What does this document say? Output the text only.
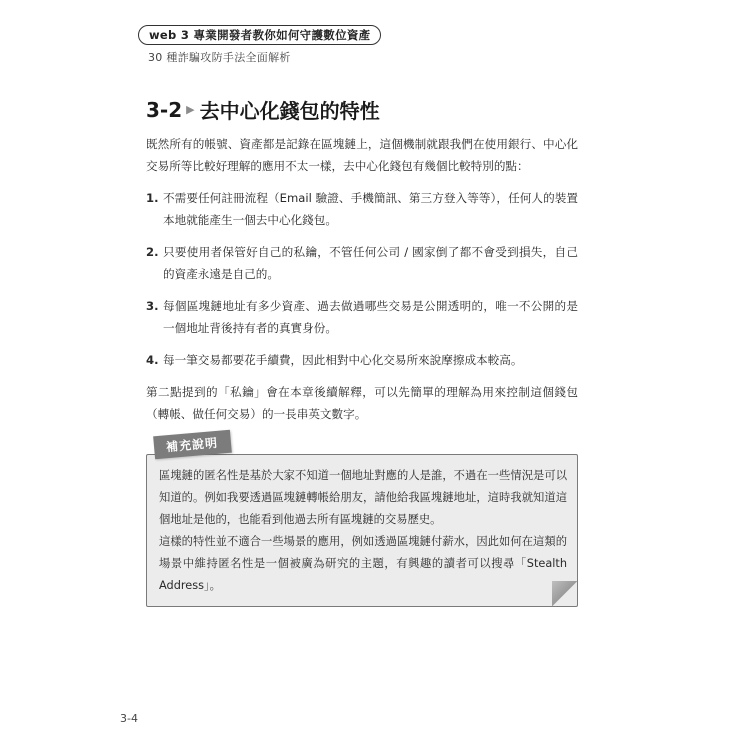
web 3 專業開發者教你如何守護數位資產
30 種詐騙攻防手法全面解析
3-2 ▶ 去中心化錢包的特性

既然所有的帳號、資產都是記錄在區塊鏈上，這個機制就跟我們在使用銀行、中心化交易所等比較好理解的應用不太一樣，去中心化錢包有幾個比較特別的點：

1. 不需要任何註冊流程（Email 驗證、手機簡訊、第三方登入等等），任何人的裝置本地就能產生一個去中心化錢包。
2. 只要使用者保管好自己的私鑰，不管任何公司 / 國家倒了都不會受到損失，自己的資產永遠是自己的。
3. 每個區塊鏈地址有多少資產、過去做過哪些交易是公開透明的，唯一不公開的是一個地址背後持有者的真實身份。
4. 每一筆交易都要花手續費，因此相對中心化交易所來說摩擦成本較高。

第二點提到的「私鑰」會在本章後續解釋，可以先簡單的理解為用來控制這個錢包（轉帳、做任何交易）的一長串英文數字。

區塊鏈的匿名性是基於大家不知道一個地址對應的人是誰，不過在一些情況是可以知道的。例如我要透過區塊鏈轉帳給朋友，請他給我區塊鏈地址，這時我就知道這個地址是他的，也能看到他過去所有區塊鏈的交易歷史。

這樣的特性並不適合一些場景的應用，例如透過區塊鏈付薪水，因此如何在這類的場景中維持匿名性是一個被廣為研究的主題，有興趣的讀者可以搜尋「Stealth Address」。

補充說明
3-4
